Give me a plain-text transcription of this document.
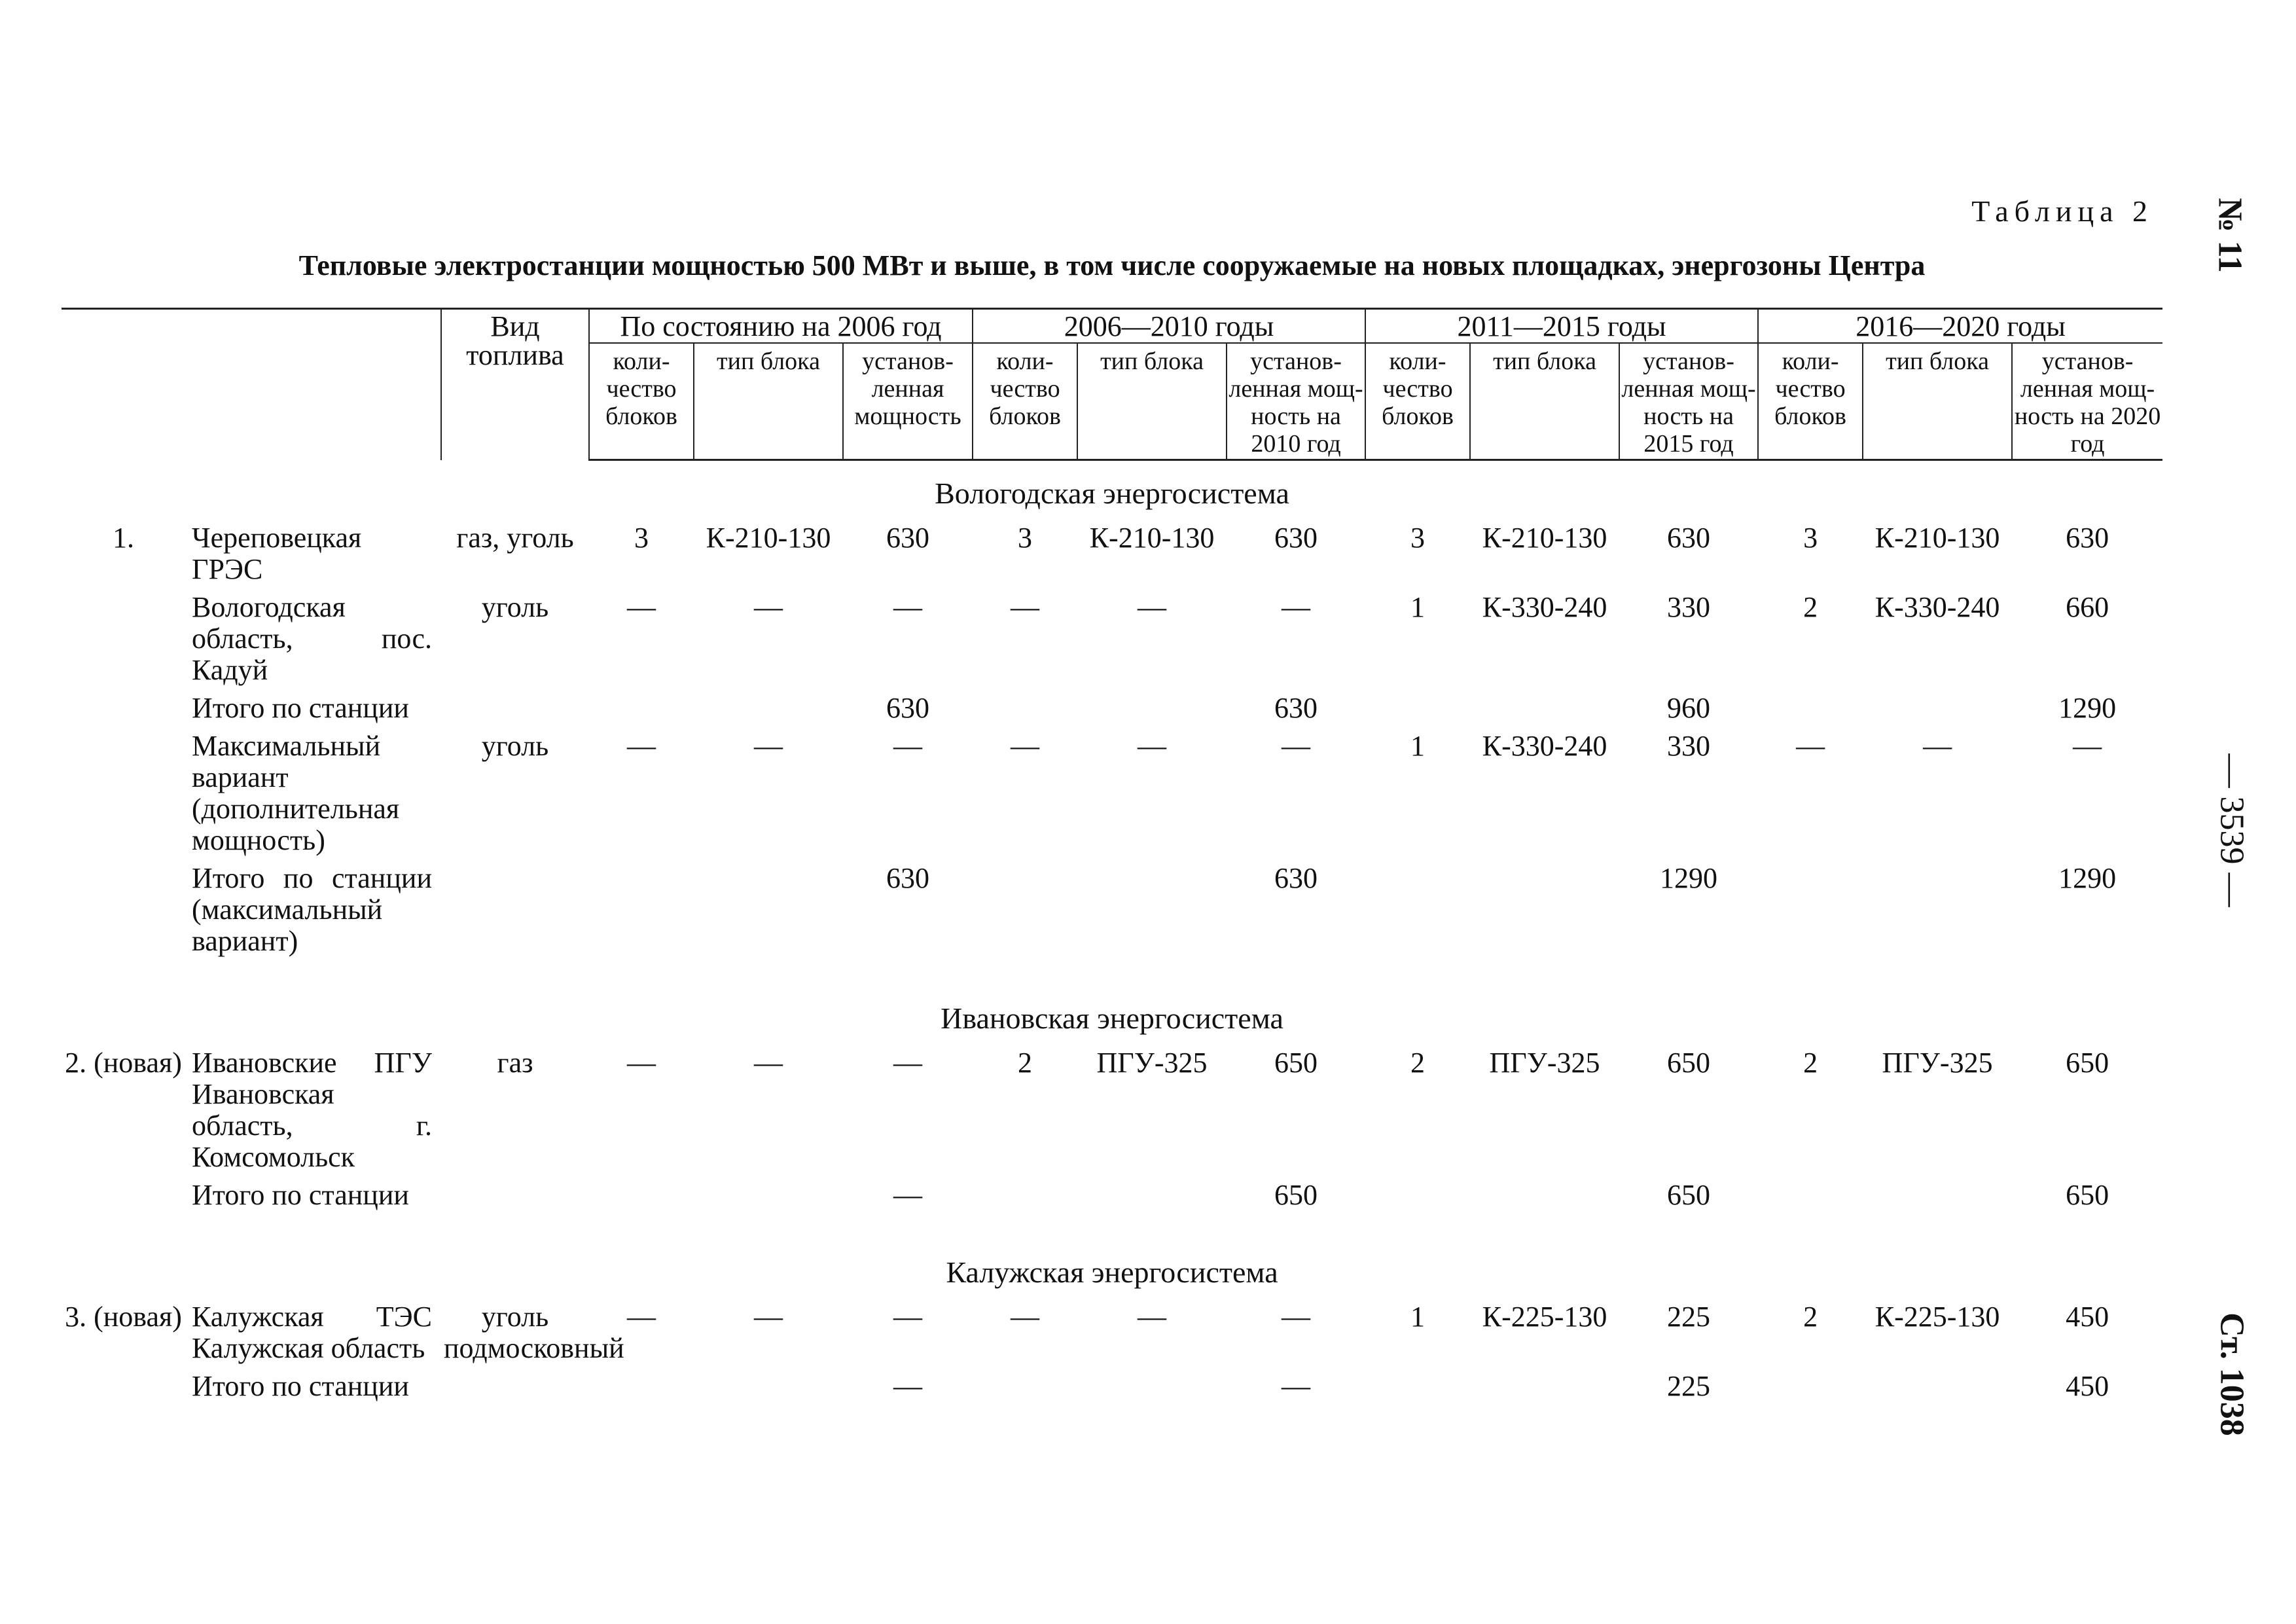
Таблица 2
Тепловые электростанции мощностью 500 МВт и выше, в том числе сооружаемые на новых площадках, энергозоны Центра	№ 11
— 3539 —
Ст. 1038
		Вид топлива	По состоянию на 2006 год			2006—2010 годы			2011—2015 годы			2016—2020 годы		
			коли-чество блоков	тип блока	установ-ленная мощность	коли-чество блоков	тип блока	установ-ленная мощ-ность на 2010 год	коли-чество блоков	тип блока	установ-ленная мощ-ность на 2015 год	коли-чество блоков	тип блока	установ-ленная мощ-ность на 2020 год
Вологодская энергосистема														
1.	Череповецкая ГРЭС	газ, уголь	3	К-210-130	630	3	К-210-130	630	3	К-210-130	630	3	К-210-130	630
	Вологодская область, пос. Кадуй	уголь	—	—	—	—	—	—	1	К-330-240	330	2	К-330-240	660
	Итого по станции				630			630			960			1290
	Максимальный вариант (дополнительная мощность)	уголь	—	—	—	—	—	—	1	К-330-240	330	—	—	—
	Итого по станции (максимальный вариант)				630			630			1290			1290

Ивановская энергосистема														
2. (новая)	Ивановские ПГУ Ивановская область, г. Комсомольск	газ	—	—	—	2	ПГУ-325	650	2	ПГУ-325	650	2	ПГУ-325	650
	Итого по станции				—			650			650			650

Калужская энергосистема														
3. (новая)	Калужская ТЭС Калужская область	уголь подмосковный	—	—	—	—	—	—	1	К-225-130	225	2	К-225-130	450
	Итого по станции				—			—			225			450
